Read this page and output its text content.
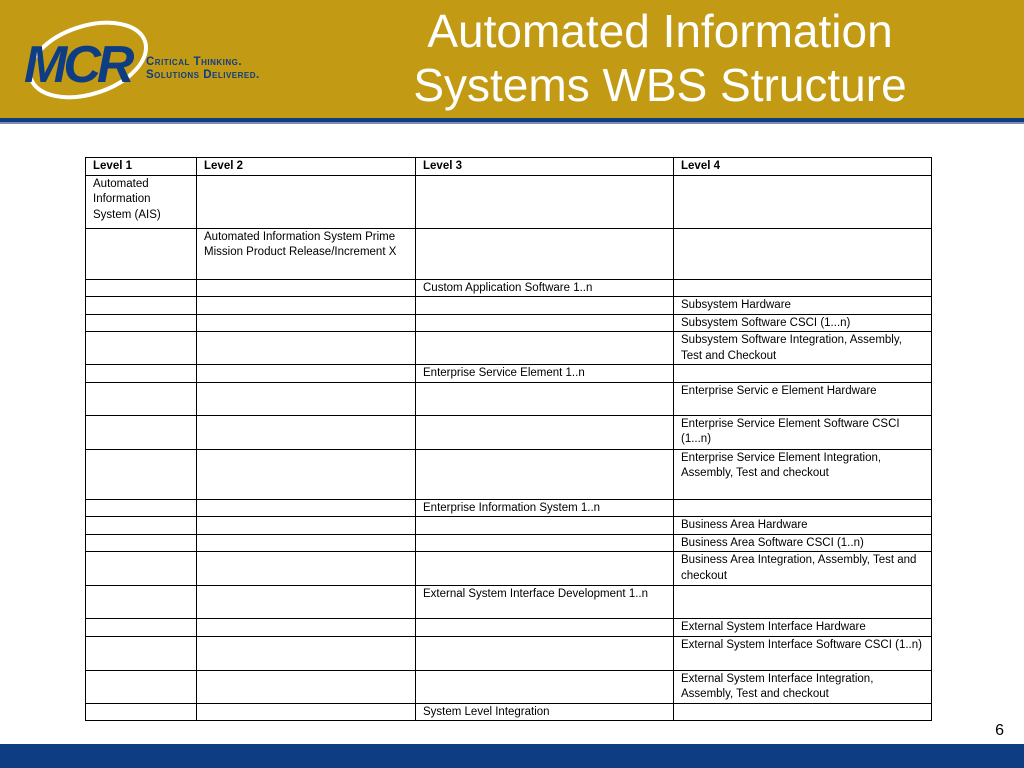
MCR	Critical Thinking.
Solutions Delivered.
Automated Information
Systems WBS Structure
Level 1	Level 2	Level 3	Level 4
Automated Information System (AIS)			
	Automated Information System Prime Mission Product Release/Increment X		
		Custom Application Software 1..n	
			Subsystem Hardware
			Subsystem Software CSCI (1...n)
			Subsystem Software Integration, Assembly, Test and Checkout
		Enterprise Service Element 1..n	
			Enterprise Servic e Element Hardware
			Enterprise Service Element Software CSCI (1...n)
			Enterprise Service Element Integration, Assembly, Test and checkout
		Enterprise Information System 1..n	
			Business Area Hardware
			Business Area Software CSCI (1..n)
			Business Area Integration, Assembly, Test and checkout
		External System Interface Development 1..n	
			External System Interface Hardware
			External System Interface Software CSCI (1..n)
			External System Interface Integration, Assembly, Test and checkout
		System Level Integration	
6
